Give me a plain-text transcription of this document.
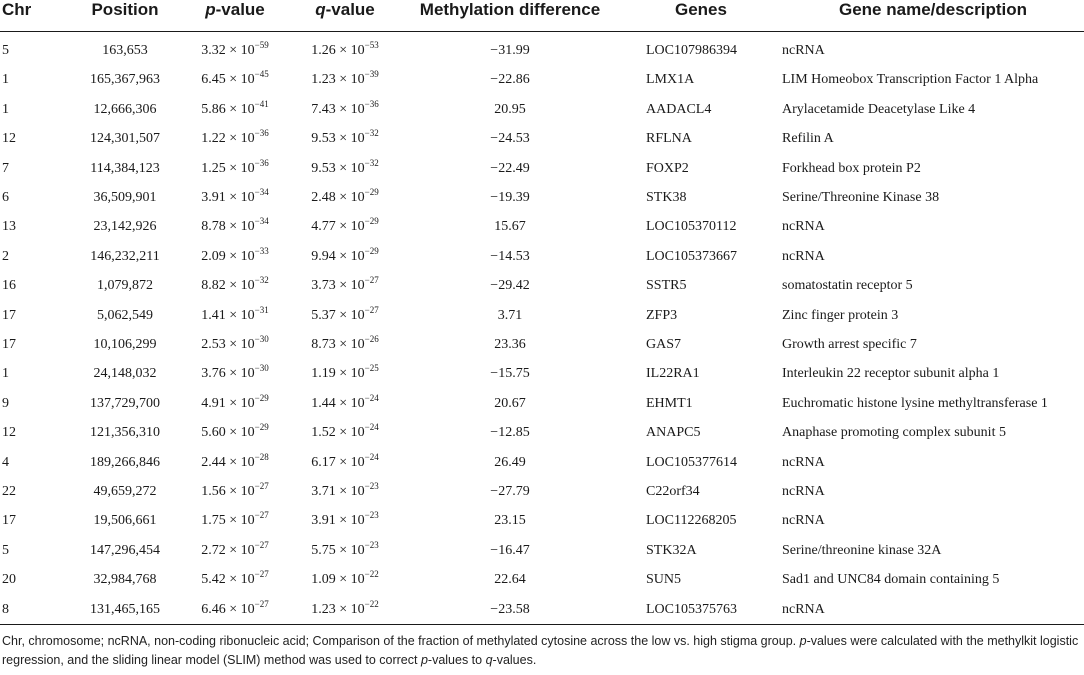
Chr	Position	p-value	q-value	Methylation difference	Genes	Gene name/description
5	163,653	$3.32 \times 10^{-59}$	$1.26 \times 10^{-53}$	−31.99	LOC107986394	ncRNA
1	165,367,963	$6.45 \times 10^{-45}$	$1.23 \times 10^{-39}$	−22.86	LMX1A	LIM Homeobox Transcription Factor 1 Alpha
1	12,666,306	$5.86 \times 10^{-41}$	$7.43 \times 10^{-36}$	20.95	AADACL4	Arylacetamide Deacetylase Like 4
12	124,301,507	$1.22 \times 10^{-36}$	$9.53 \times 10^{-32}$	−24.53	RFLNA	Refilin A
7	114,384,123	$1.25 \times 10^{-36}$	$9.53 \times 10^{-32}$	−22.49	FOXP2	Forkhead box protein P2
6	36,509,901	$3.91 \times 10^{-34}$	$2.48 \times 10^{-29}$	−19.39	STK38	Serine/Threonine Kinase 38
13	23,142,926	$8.78 \times 10^{-34}$	$4.77 \times 10^{-29}$	15.67	LOC105370112	ncRNA
2	146,232,211	$2.09 \times 10^{-33}$	$9.94 \times 10^{-29}$	−14.53	LOC105373667	ncRNA
16	1,079,872	$8.82 \times 10^{-32}$	$3.73 \times 10^{-27}$	−29.42	SSTR5	somatostatin receptor 5
17	5,062,549	$1.41 \times 10^{-31}$	$5.37 \times 10^{-27}$	3.71	ZFP3	Zinc finger protein 3
17	10,106,299	$2.53 \times 10^{-30}$	$8.73 \times 10^{-26}$	23.36	GAS7	Growth arrest specific 7
1	24,148,032	$3.76 \times 10^{-30}$	$1.19 \times 10^{-25}$	−15.75	IL22RA1	Interleukin 22 receptor subunit alpha 1
9	137,729,700	$4.91 \times 10^{-29}$	$1.44 \times 10^{-24}$	20.67	EHMT1	Euchromatic histone lysine methyltransferase 1
12	121,356,310	$5.60 \times 10^{-29}$	$1.52 \times 10^{-24}$	−12.85	ANAPC5	Anaphase promoting complex subunit 5
4	189,266,846	$2.44 \times 10^{-28}$	$6.17 \times 10^{-24}$	26.49	LOC105377614	ncRNA
22	49,659,272	$1.56 \times 10^{-27}$	$3.71 \times 10^{-23}$	−27.79	C22orf34	ncRNA
17	19,506,661	$1.75 \times 10^{-27}$	$3.91 \times 10^{-23}$	23.15	LOC112268205	ncRNA
5	147,296,454	$2.72 \times 10^{-27}$	$5.75 \times 10^{-23}$	−16.47	STK32A	Serine/threonine kinase 32A
20	32,984,768	$5.42 \times 10^{-27}$	$1.09 \times 10^{-22}$	22.64	SUN5	Sad1 and UNC84 domain containing 5
8	131,465,165	$6.46 \times 10^{-27}$	$1.23 \times 10^{-22}$	−23.58	LOC105375763	ncRNA
Chr, chromosome; ncRNA, non-coding ribonucleic acid; Comparison of the fraction of methylated cytosine across the low vs. high stigma group. p-values were calculated with the methylkit logistic regression, and the sliding linear model (SLIM) method was used to correct p-values to q-values.
